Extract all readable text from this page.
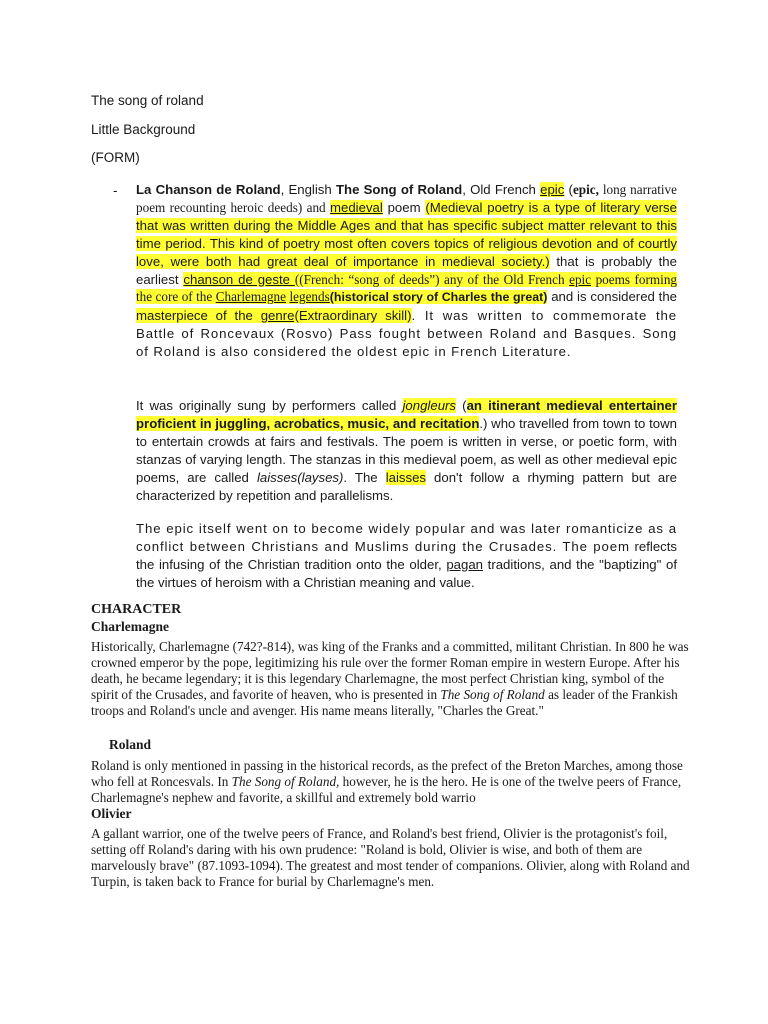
The song of roland
Little Background
(FORM)
- La Chanson de Roland, English The Song of Roland, Old French epic (epic, long narrative poem recounting heroic deeds) and medieval poem (Medieval poetry is a type of literary verse that was written during the Middle Ages and that has specific subject matter relevant to this time period. This kind of poetry most often covers topics of religious devotion and of courtly love, were both had great deal of importance in medieval society.) that is probably the earliest chanson de geste ((French: “song of deeds”) any of the Old French epic poems forming the core of the Charlemagne legends(historical story of Charles the great) and is considered the masterpiece of the genre(Extraordinary skill). It was written to commemorate the Battle of Roncevaux (Rosvo) Pass fought between Roland and Basques. Song of Roland is also considered the oldest epic in French Literature.
It was originally sung by performers called jongleurs (an itinerant medieval entertainer proficient in juggling, acrobatics, music, and recitation.) who travelled from town to town to entertain crowds at fairs and festivals. The poem is written in verse, or poetic form, with stanzas of varying length. The stanzas in this medieval poem, as well as other medieval epic poems, are called laisses(layses). The laisses don't follow a rhyming pattern but are characterized by repetition and parallelisms.
The epic itself went on to become widely popular and was later romanticize as a conflict between Christians and Muslims during the Crusades. The poem reflects the infusing of the Christian tradition onto the older, pagan traditions, and the "baptizing" of the virtues of heroism with a Christian meaning and value.
CHARACTER
Charlemagne
Historically, Charlemagne (742?-814), was king of the Franks and a committed, militant Christian. In 800 he was crowned emperor by the pope, legitimizing his rule over the former Roman empire in western Europe. After his death, he became legendary; it is this legendary Charlemagne, the most perfect Christian king, symbol of the spirit of the Crusades, and favorite of heaven, who is presented in The Song of Roland as leader of the Frankish troops and Roland's uncle and avenger. His name means literally, "Charles the Great."
Roland
Roland is only mentioned in passing in the historical records, as the prefect of the Breton Marches, among those who fell at Roncesvals. In The Song of Roland, however, he is the hero. He is one of the twelve peers of France, Charlemagne's nephew and favorite, a skillful and extremely bold warrio
Olivier
A gallant warrior, one of the twelve peers of France, and Roland's best friend, Olivier is the protagonist's foil, setting off Roland's daring with his own prudence: "Roland is bold, Olivier is wise, and both of them are marvelously brave" (87.1093-1094). The greatest and most tender of companions. Olivier, along with Roland and Turpin, is taken back to France for burial by Charlemagne's men.
